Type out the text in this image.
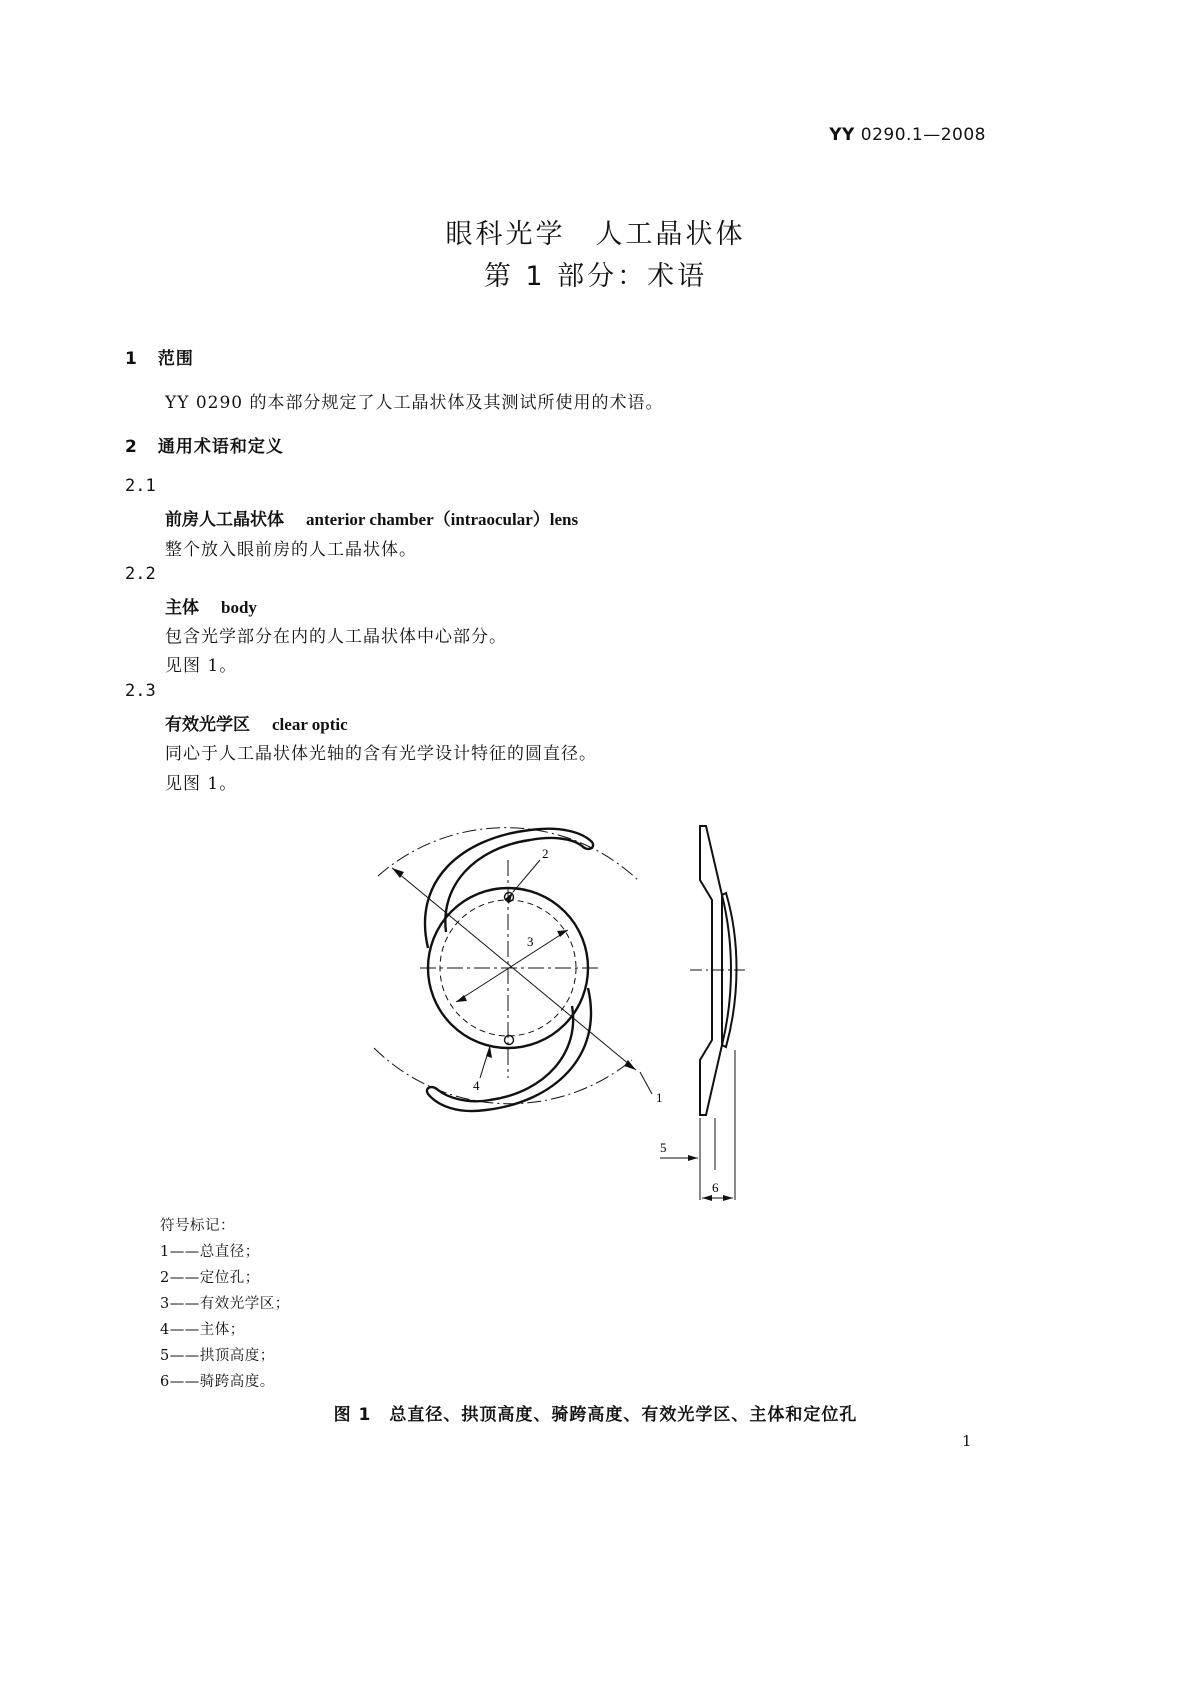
YY 0290.1—2008
眼科光学　人工晶状体
第 1 部分：术语
1 范围
YY 0290 的本部分规定了人工晶状体及其测试所使用的术语。
2 通用术语和定义
2.1
前房人工晶状体 anterior chamber（intraocular）lens
整个放入眼前房的人工晶状体。
2.2
主体 body
包含光学部分在内的人工晶状体中心部分。
见图 1。
2.3
有效光学区 clear optic
同心于人工晶状体光轴的含有光学设计特征的圆直径。
见图 1。
2
3
4
1
5
6
符号标记：
1——总直径；
2——定位孔；
3——有效光学区；
4——主体；
5——拱顶高度；
6——骑跨高度。
图 1　总直径、拱顶高度、骑跨高度、有效光学区、主体和定位孔
1
